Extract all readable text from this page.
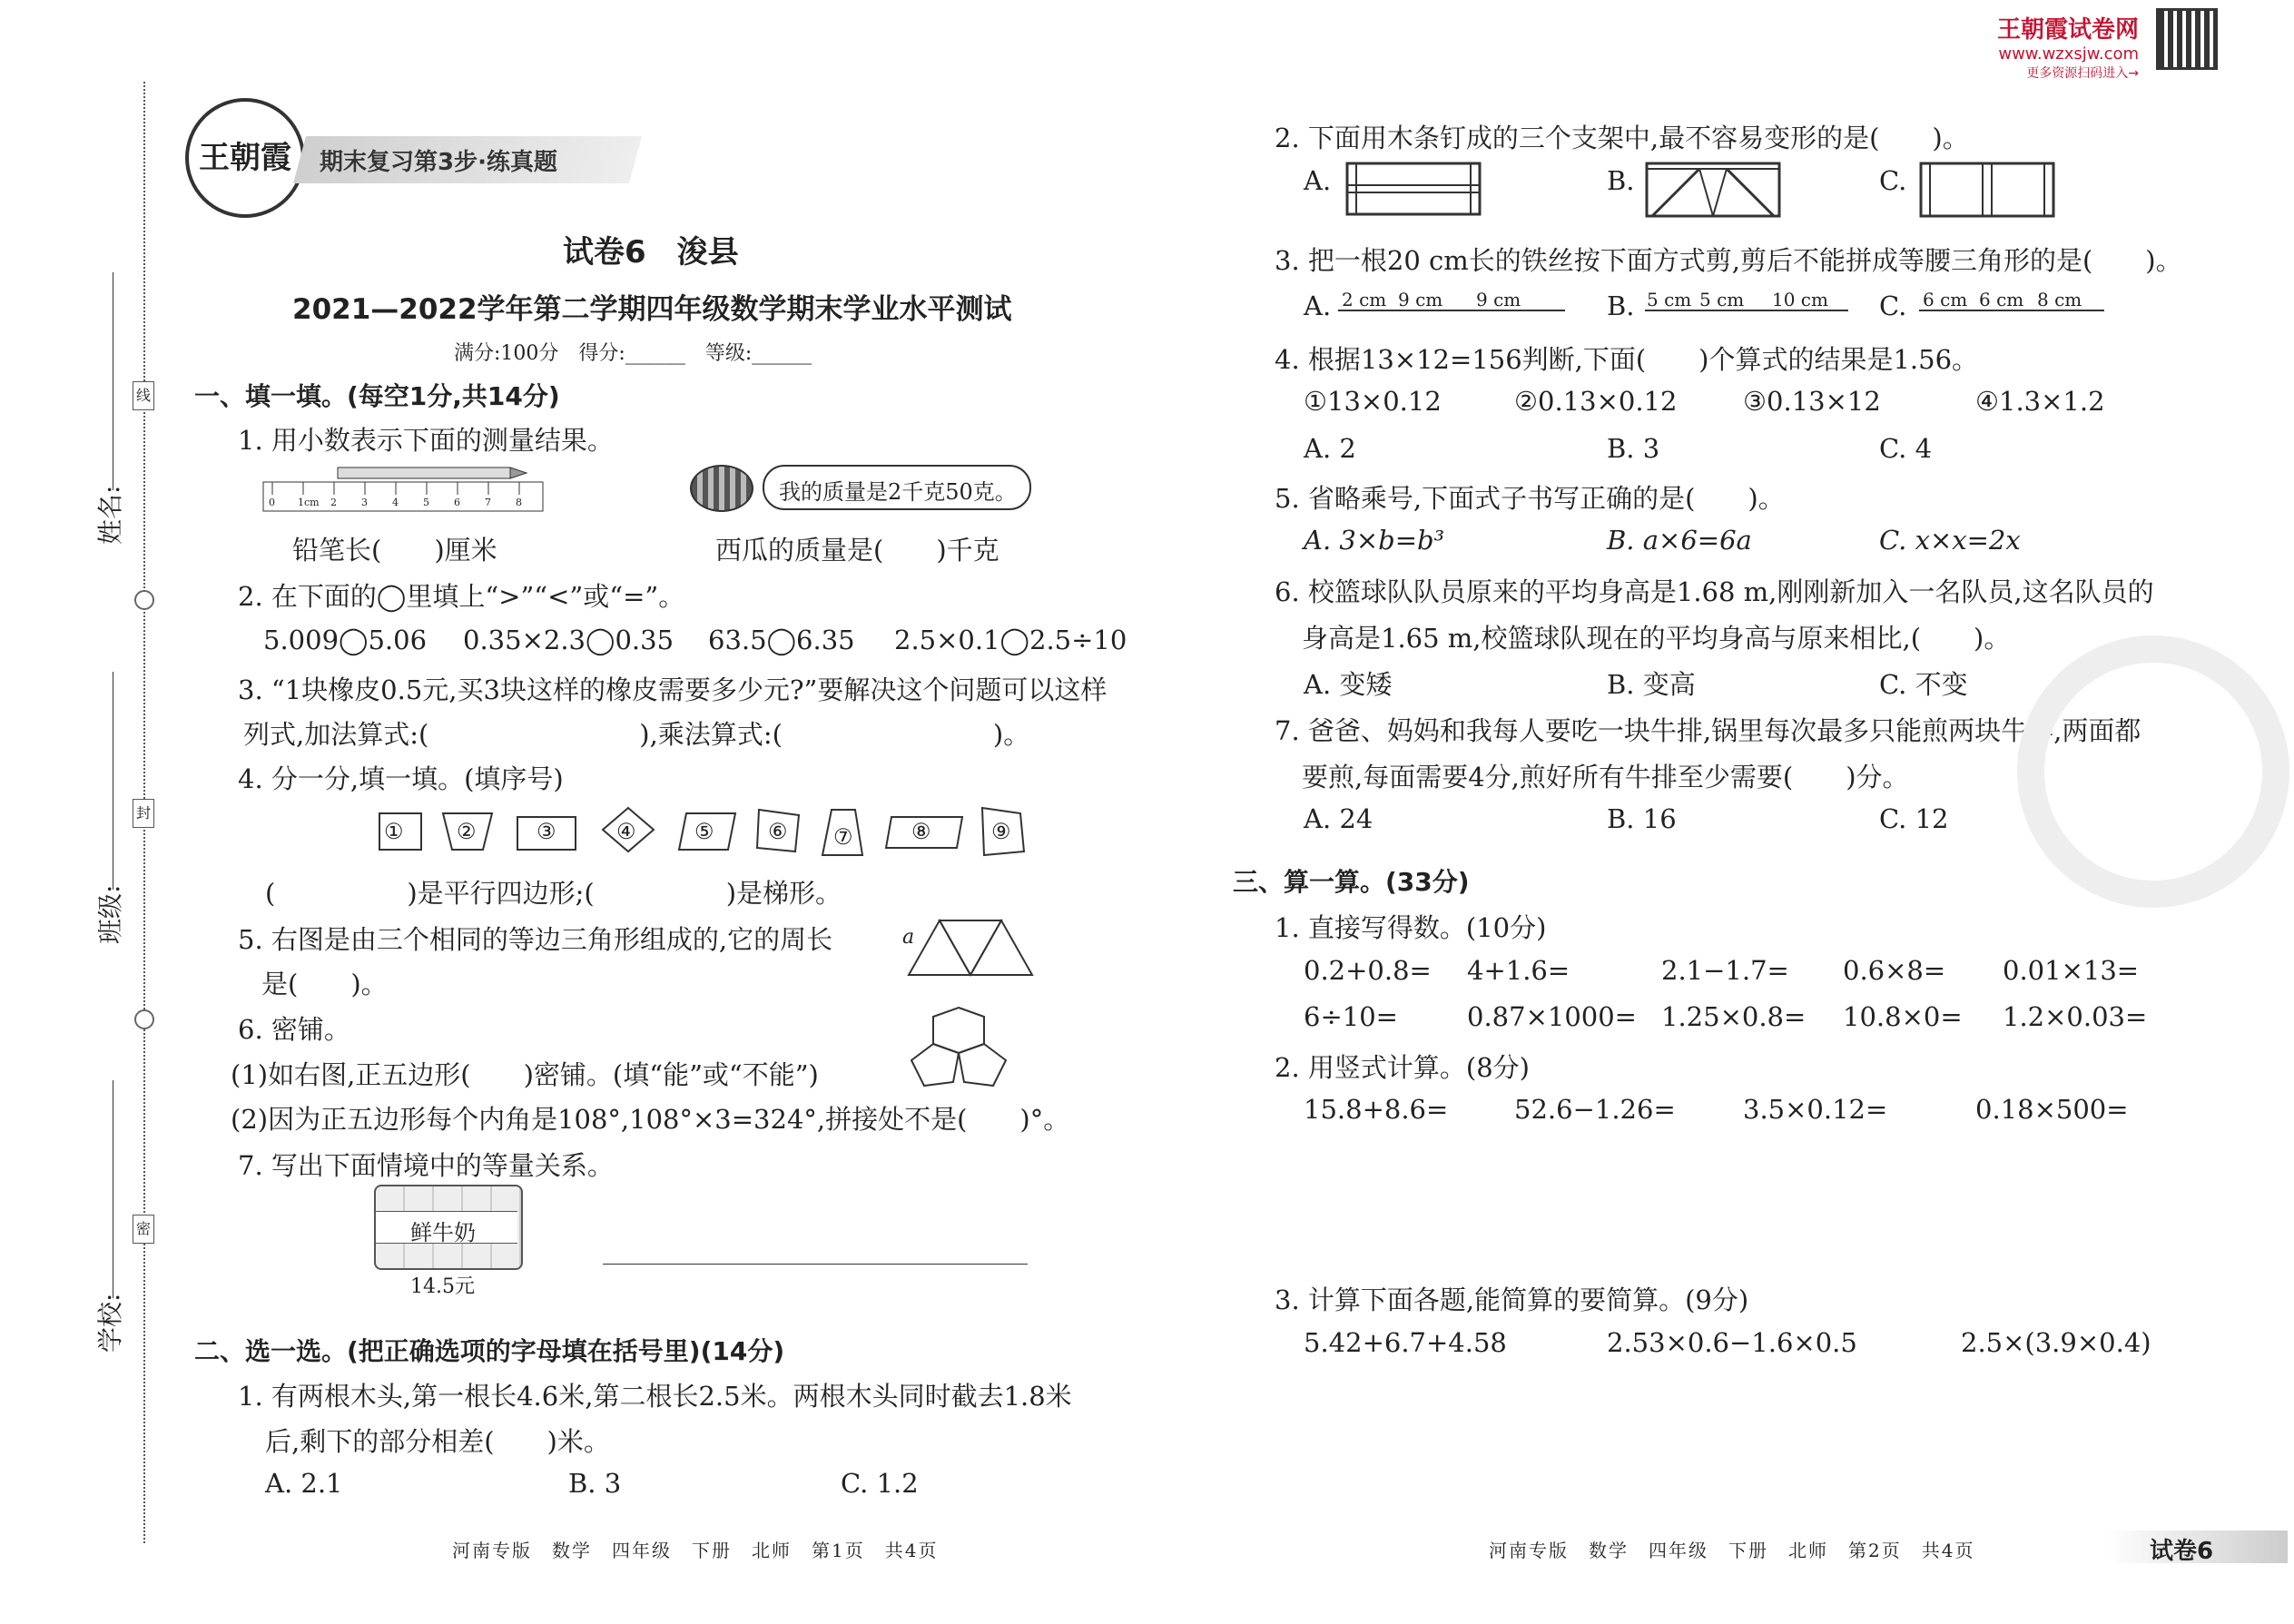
线
封
密
姓名:
班级:
学校:
王朝霞	期末复习第3步·练真题
王朝霞试卷网
www.wzxsjw.com
更多资源扫码进入→
试卷6　浚县
2021—2022学年第二学期四年级数学期末学业水平测试
满分:100分　得分:______　等级:______
一、填一填。(每空1分,共14分)
1. 用小数表示下面的测量结果。
0 1cm 2 3 4 5 6 7 8	我的质量是2千克50克。
铅笔长(　　)厘米	西瓜的质量是(　　)千克
2. 在下面的◯里填上“>”“<”或“=”。
5.009◯5.06 0.35×2.3◯0.35 63.5◯6.35 2.5×0.1◯2.5÷10
3. “1块橡皮0.5元,买3块这样的橡皮需要多少元?”要解决这个问题可以这样
列式,加法算式:(　　　　　　　　),乘法算式:(　　　　　　　　)。
4. 分一分,填一填。(填序号)
① ②	③	④	⑤ ⑥ ⑦	⑧	⑨
(　　　　　)是平行四边形;(　　　　　)是梯形。
5. 右图是由三个相同的等边三角形组成的,它的周长
是(　　)。
a
6. 密铺。
(1)如右图,正五边形(　　)密铺。(填“能”或“不能”)
(2)因为正五边形每个内角是108°,108°×3=324°,拼接处不是(　　)°。
7. 写出下面情境中的等量关系。
鲜牛奶
14.5元
二、选一选。(把正确选项的字母填在括号里)(14分)
1. 有两根木头,第一根长4.6米,第二根长2.5米。两根木头同时截去1.8米
后,剩下的部分相差(　　)米。
A. 2.1	B. 3	C. 1.2
河南专版　数学　四年级　下册　北师　第1页　共4页
2. 下面用木条钉成的三个支架中,最不容易变形的是(　　)。
A.	B.	C.
3. 把一根20 cm长的铁丝按下面方式剪,剪后不能拼成等腰三角形的是(　　)。
A.	B.	C.
2 cm 9 cm 9 cm	5 cm 5 cm 10 cm	6 cm 6 cm 8 cm
4. 根据13×12=156判断,下面(　　)个算式的结果是1.56。
①13×0.12	②0.13×0.12	③0.13×12	④1.3×1.2
A. 2	B. 3	C. 4
5. 省略乘号,下面式子书写正确的是(　　)。
A. 3×b=b³	B. a×6=6a	C. x×x=2x
6. 校篮球队队员原来的平均身高是1.68 m,刚刚新加入一名队员,这名队员的
身高是1.65 m,校篮球队现在的平均身高与原来相比,(　　)。
A. 变矮	B. 变高	C. 不变
7. 爸爸、妈妈和我每人要吃一块牛排,锅里每次最多只能煎两块牛排,两面都
要煎,每面需要4分,煎好所有牛排至少需要(　　)分。
A. 24	B. 16	C. 12
三、算一算。(33分)
1. 直接写得数。(10分)
0.2+0.8= 4+1.6=	2.1−1.7= 0.6×8= 0.01×13=
6÷10=	0.87×1000= 1.25×0.8= 10.8×0= 1.2×0.03=
2. 用竖式计算。(8分)
15.8+8.6=	52.6−1.26=	3.5×0.12=	0.18×500=
3. 计算下面各题,能简算的要简算。(9分)
5.42+6.7+4.58	2.53×0.6−1.6×0.5	2.5×(3.9×0.4)
河南专版　数学　四年级　下册　北师　第2页　共4页	试卷6
